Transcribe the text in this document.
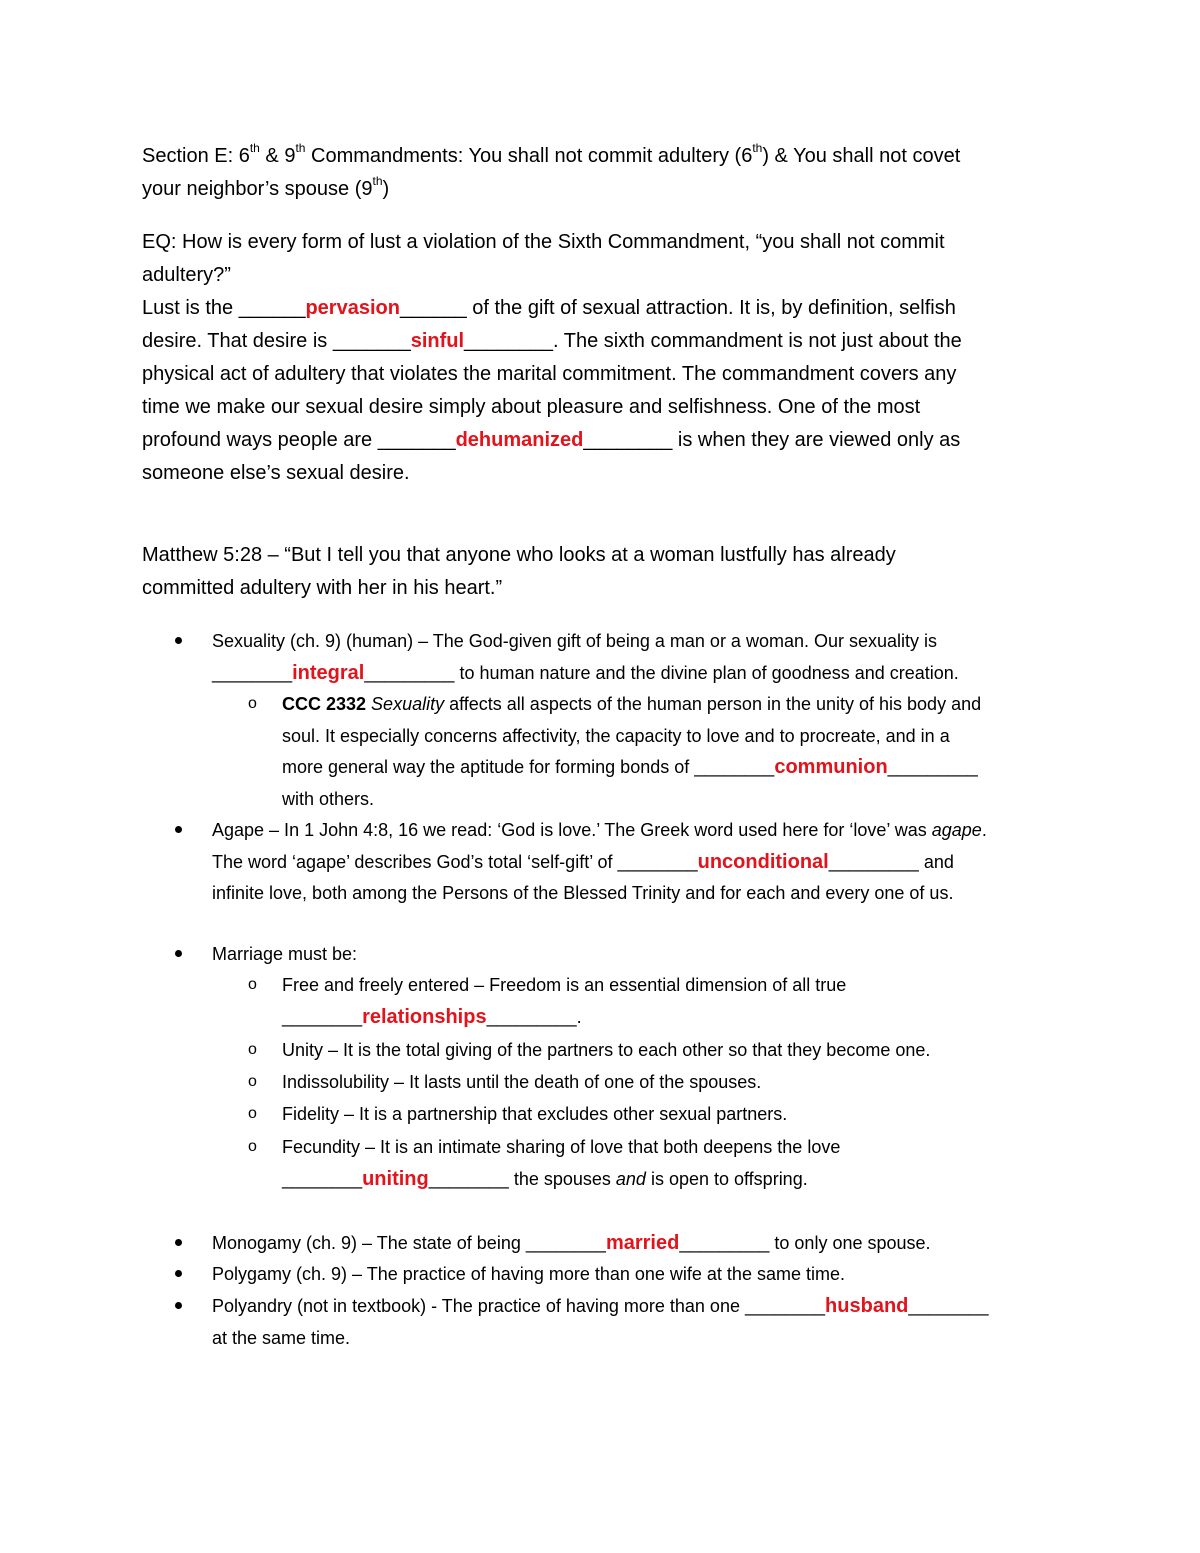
Section E: 6th & 9th Commandments: You shall not commit adultery (6th) & You shall not covet
your neighbor’s spouse (9th)
EQ: How is every form of lust a violation of the Sixth Commandment, “you shall not commit
adultery?”
Lust is the ______pervasion______ of the gift of sexual attraction. It is, by definition, selfish
desire. That desire is _______sinful________. The sixth commandment is not just about the
physical act of adultery that violates the marital commitment. The commandment covers any
time we make our sexual desire simply about pleasure and selfishness. One of the most
profound ways people are _______dehumanized________ is when they are viewed only as
someone else’s sexual desire.
Matthew 5:28 – “But I tell you that anyone who looks at a woman lustfully has already
committed adultery with her in his heart.”
Sexuality (ch. 9) (human) – The God-given gift of being a man or a woman. Our sexuality is
________integral_________ to human nature and the divine plan of goodness and creation.
o
CCC 2332 Sexuality affects all aspects of the human person in the unity of his body and
soul. It especially concerns affectivity, the capacity to love and to procreate, and in a
more general way the aptitude for forming bonds of ________communion_________
with others.
Agape – In 1 John 4:8, 16 we read: ‘God is love.’ The Greek word used here for ‘love’ was agape.
The word ‘agape’ describes God’s total ‘self-gift’ of ________unconditional_________ and
infinite love, both among the Persons of the Blessed Trinity and for each and every one of us.
Marriage must be:
o
Free and freely entered – Freedom is an essential dimension of all true
________relationships_________.
o
Unity – It is the total giving of the partners to each other so that they become one.
o
Indissolubility – It lasts until the death of one of the spouses.
o
Fidelity – It is a partnership that excludes other sexual partners.
o
Fecundity – It is an intimate sharing of love that both deepens the love
________uniting________ the spouses and is open to offspring.
Monogamy (ch. 9) – The state of being ________married_________ to only one spouse.
Polygamy (ch. 9) – The practice of having more than one wife at the same time.
Polyandry (not in textbook) - The practice of having more than one ________husband________
at the same time.
